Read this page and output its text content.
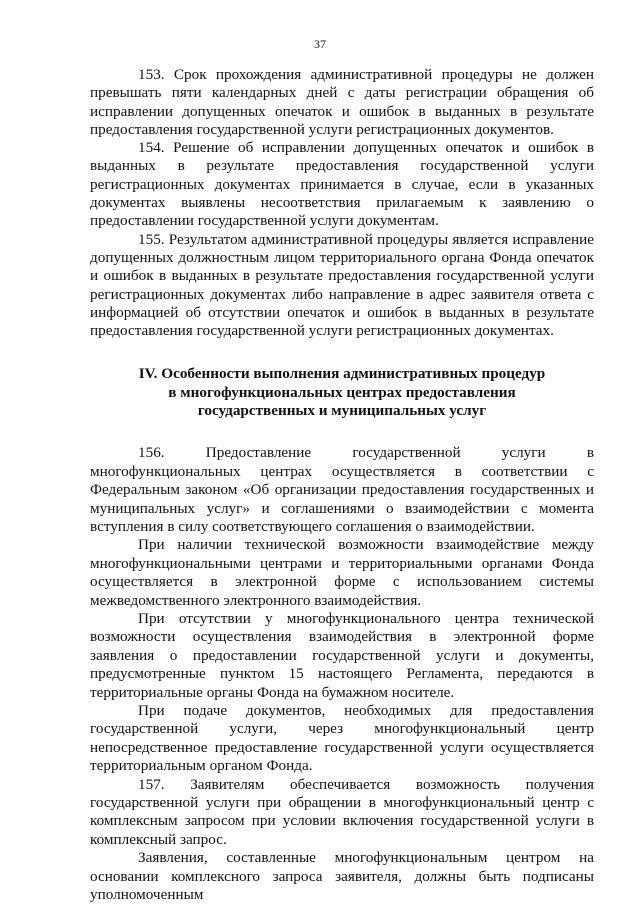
37

153. Срок прохождения административной процедуры не должен превышать пяти календарных дней с даты регистрации обращения об исправлении допущенных опечаток и ошибок в выданных в результате предоставления государственной услуги регистрационных документов.

154. Решение об исправлении допущенных опечаток и ошибок в выданных в результате предоставления государственной услуги регистрационных документах принимается в случае, если в указанных документах выявлены несоответствия прилагаемым к заявлению о предоставлении государственной услуги документам.

155. Результатом административной процедуры является исправление допущенных должностным лицом территориального органа Фонда опечаток и ошибок в выданных в результате предоставления государственной услуги регистрационных документах либо направление в адрес заявителя ответа с информацией об отсутствии опечаток и ошибок в выданных в результате предоставления государственной услуги регистрационных документах.

IV. Особенности выполнения административных процедур
в многофункциональных центрах предоставления
государственных и муниципальных услуг

156. Предоставление государственной услуги в многофункциональных центрах осуществляется в соответствии с Федеральным законом «Об организации предоставления государственных и муниципальных услуг» и соглашениями о взаимодействии с момента вступления в силу соответствующего соглашения о взаимодействии.

При наличии технической возможности взаимодействие между многофункциональными центрами и территориальными органами Фонда осуществляется в электронной форме с использованием системы межведомственного электронного взаимодействия.

При отсутствии у многофункционального центра технической возможности осуществления взаимодействия в электронной форме заявления о предоставлении государственной услуги и документы, предусмотренные пунктом 15 настоящего Регламента, передаются в территориальные органы Фонда на бумажном носителе.

При подаче документов, необходимых для предоставления государственной услуги, через многофункциональный центр непосредственное предоставление государственной услуги осуществляется территориальным органом Фонда.

157. Заявителям обеспечивается возможность получения государственной услуги при обращении в многофункциональный центр с комплексным запросом при условии включения государственной услуги в комплексный запрос.

Заявления, составленные многофункциональным центром на основании комплексного запроса заявителя, должны быть подписаны уполномоченным
